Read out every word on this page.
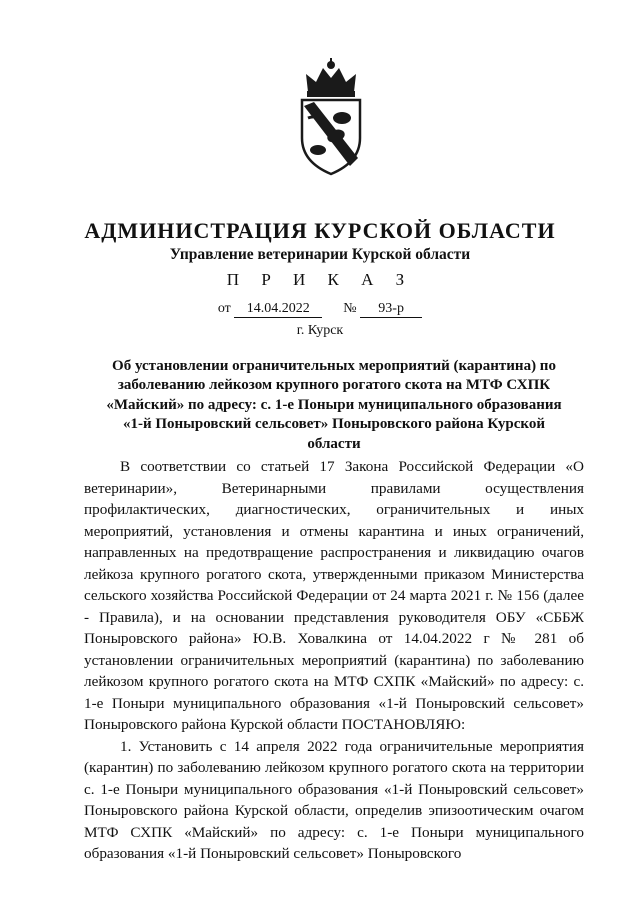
АДМИНИСТРАЦИЯ КУРСКОЙ ОБЛАСТИ
Управление ветеринарии Курской области
П Р И К А З
от 14.04.2022 № 93-р
г. Курск
Об установлении ограничительных мероприятий (карантина) по заболеванию лейкозом крупного рогатого скота на МТФ СХПК «Майский» по адресу: с. 1-е Поныри муниципального образования «1-й Поныровский сельсовет» Поныровского района Курской области

В соответствии со статьей 17 Закона Российской Федерации «О ветеринарии», Ветеринарными правилами осуществления профилактических, диагностических, ограничительных и иных мероприятий, установления и отмены карантина и иных ограничений, направленных на предотвращение распространения и ликвидацию очагов лейкоза крупного рогатого скота, утвержденными приказом Министерства сельского хозяйства Российской Федерации от 24 марта 2021 г. № 156 (далее - Правила), и на основании представления руководителя ОБУ «СББЖ Поныровского района» Ю.В. Ховалкина от 14.04.2022 г № 281 об установлении ограничительных мероприятий (карантина) по заболеванию лейкозом крупного рогатого скота на МТФ СХПК «Майский» по адресу: с. 1-е Поныри муниципального образования «1-й Поныровский сельсовет» Поныровского района Курской области ПОСТАНОВЛЯЮ:

1. Установить с 14 апреля 2022 года ограничительные мероприятия (карантин) по заболеванию лейкозом крупного рогатого скота на территории с. 1-е Поныри муниципального образования «1-й Поныровский сельсовет» Поныровского района Курской области, определив эпизоотическим очагом МТФ СХПК «Майский» по адресу: с. 1-е Поныри муниципального образования «1-й Поныровский сельсовет» Поныровского
